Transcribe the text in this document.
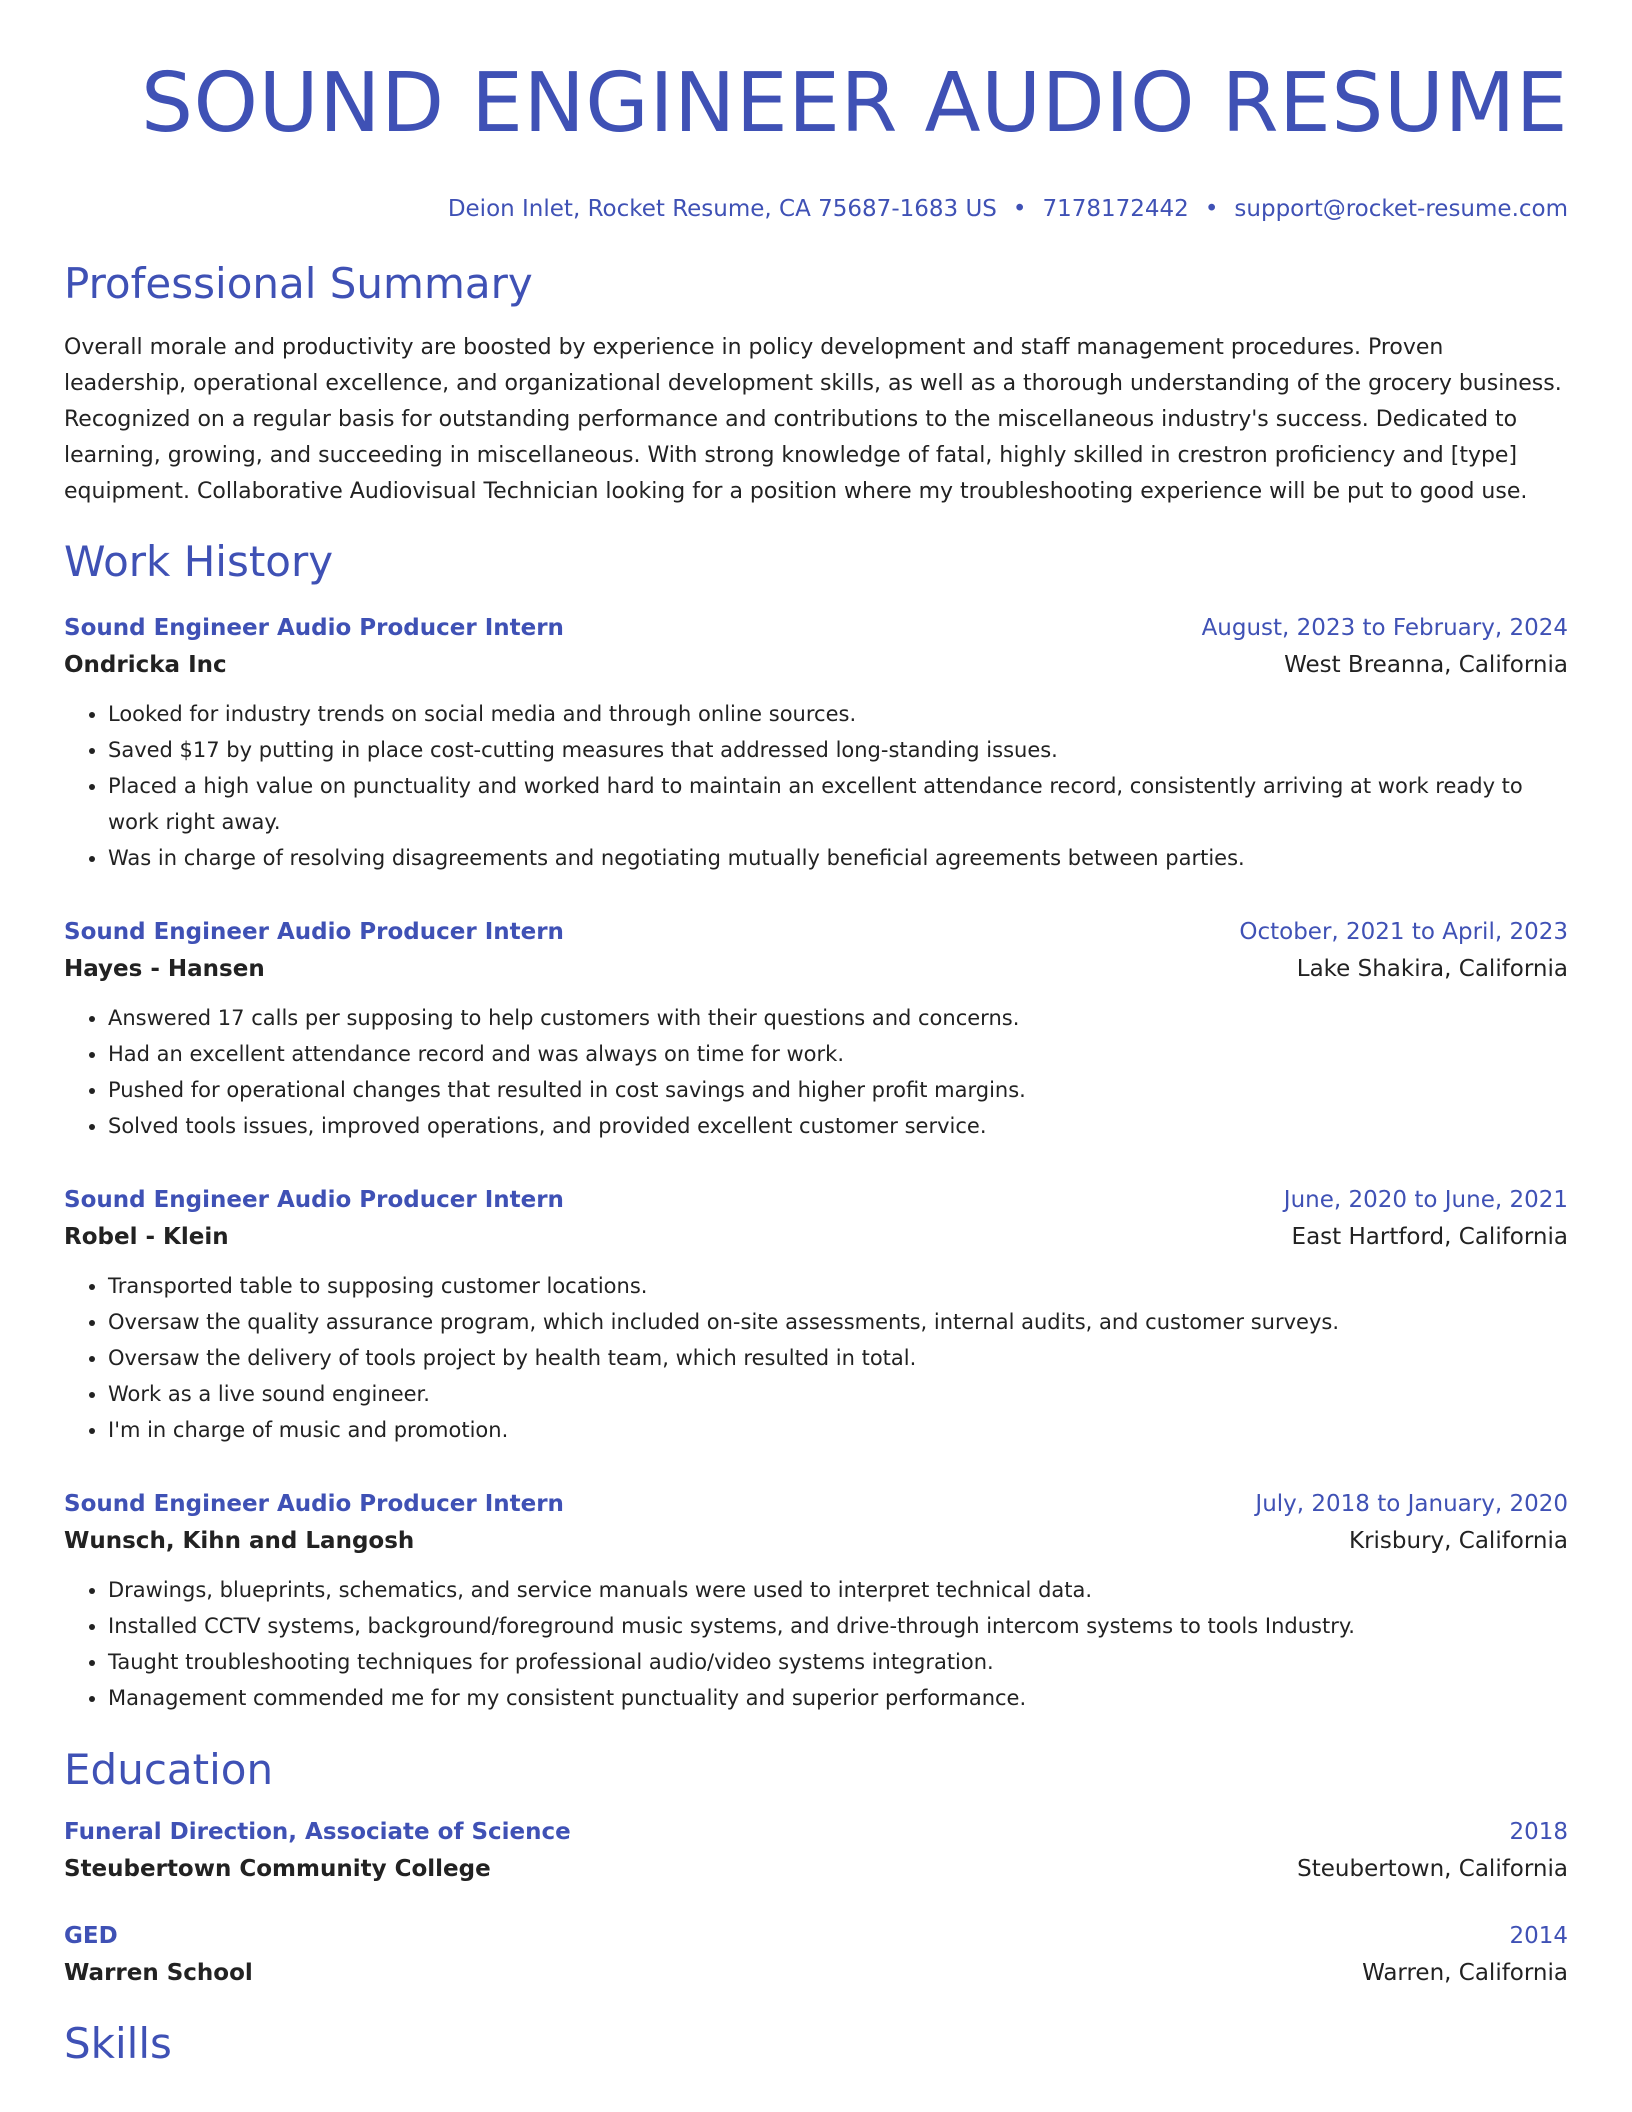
SOUND ENGINEER AUDIO RESUME
Deion Inlet, Rocket Resume, CA 75687-1683 US • 7178172442 • support@rocket-resume.com
Professional Summary

Overall morale and productivity are boosted by experience in policy development and staff management procedures. Proven leadership, operational excellence, and organizational development skills, as well as a thorough understanding of the grocery business. Recognized on a regular basis for outstanding performance and contributions to the miscellaneous industry's success. Dedicated to learning, growing, and succeeding in miscellaneous. With strong knowledge of fatal, highly skilled in crestron proficiency and [type] equipment. Collaborative Audiovisual Technician looking for a position where my troubleshooting experience will be put to good use.

Work History
Sound Engineer Audio Producer Intern	August, 2023 to February, 2024
Ondricka Inc	West Breanna, California
• Looked for industry trends on social media and through online sources.
• Saved $17 by putting in place cost-cutting measures that addressed long-standing issues.
• Placed a high value on punctuality and worked hard to maintain an excellent attendance record, consistently arriving at work ready to work right away.
• Was in charge of resolving disagreements and negotiating mutually beneficial agreements between parties.
Sound Engineer Audio Producer Intern	October, 2021 to April, 2023
Hayes - Hansen	Lake Shakira, California
• Answered 17 calls per supposing to help customers with their questions and concerns.
• Had an excellent attendance record and was always on time for work.
• Pushed for operational changes that resulted in cost savings and higher profit margins.
• Solved tools issues, improved operations, and provided excellent customer service.
Sound Engineer Audio Producer Intern	June, 2020 to June, 2021
Robel - Klein	East Hartford, California
• Transported table to supposing customer locations.
• Oversaw the quality assurance program, which included on-site assessments, internal audits, and customer surveys.
• Oversaw the delivery of tools project by health team, which resulted in total.
• Work as a live sound engineer.
• I'm in charge of music and promotion.
Sound Engineer Audio Producer Intern	July, 2018 to January, 2020
Wunsch, Kihn and Langosh	Krisbury, California
• Drawings, blueprints, schematics, and service manuals were used to interpret technical data.
• Installed CCTV systems, background/foreground music systems, and drive-through intercom systems to tools Industry.
• Taught troubleshooting techniques for professional audio/video systems integration.
• Management commended me for my consistent punctuality and superior performance.
Education
Funeral Direction, Associate of Science	2018
Steubertown Community College	Steubertown, California
GED	2014
Warren School	Warren, California
Skills
